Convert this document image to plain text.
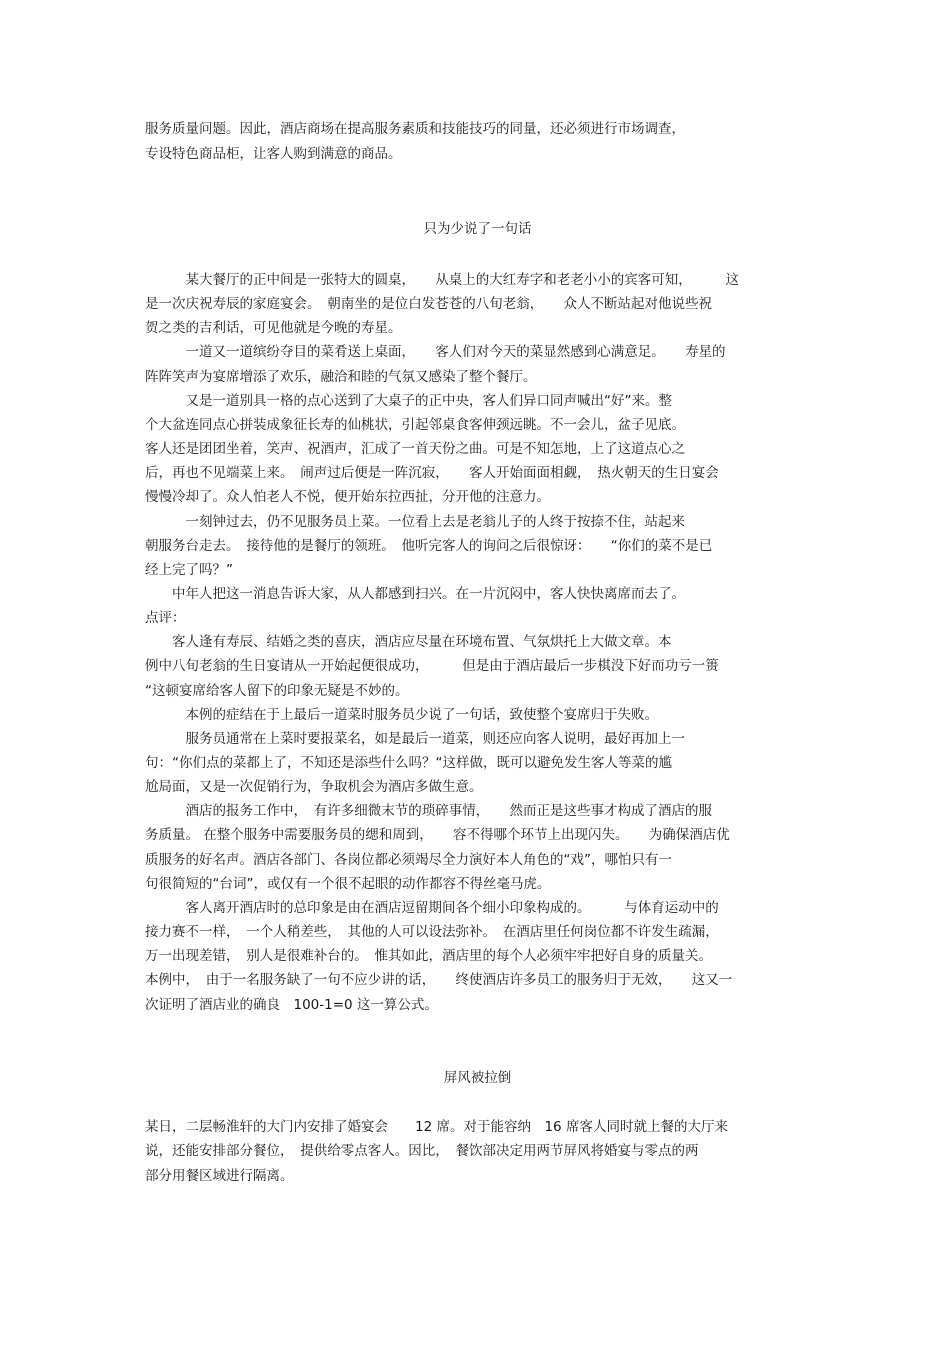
服务质量问题。因此，酒店商场在提高服务素质和技能技巧的同量，还必须进行市场调查，
专设特色商品柜，让客人购到满意的商品。
只为少说了一句话
　　　某大餐厅的正中间是一张特大的圆桌，　　从桌上的大红寿字和老老小小的宾客可知，　　　这
是一次庆祝寿辰的家庭宴会。　朝南坐的是位白发苍苍的八旬老翁，　　众人不断站起对他说些祝
贺之类的吉利话，可见他就是今晚的寿星。
　　　一道又一道缤纷夺目的菜肴送上桌面，　　客人们对今天的菜显然感到心满意足。　　寿星的
阵阵笑声为宴席增添了欢乐，融洽和睦的气氛又感染了整个餐厅。
　　　又是一道别具一格的点心送到了大桌子的正中央，客人们异口同声喊出“好”来。整
个大盆连同点心拼装成象征长寿的仙桃状，引起邻桌食客伸颈远眺。不一会儿，盆子见底。
客人还是团团坐着，笑声、祝酒声，汇成了一首天份之曲。可是不知怎地，上了这道点心之
后，再也不见端菜上来。　闹声过后便是一阵沉寂，　　客人开始面面相觑，　热火朝天的生日宴会
慢慢冷却了。众人怕老人不悦，便开始东拉西扯，分开他的注意力。
　　　一刻钟过去，仍不见服务员上菜。一位看上去是老翁儿子的人终于按捺不住，站起来
朝服务台走去。　接待他的是餐厅的领班。　他听完客人的询问之后很惊讶：　　“你们的菜不是已
经上完了吗？”
　　中年人把这一消息告诉大家，从人都感到扫兴。在一片沉闷中，客人快快离席而去了。
点评：
　　客人逢有寿辰、结婚之类的喜庆，酒店应尽量在环境布置、气氛烘托上大做文章。本
例中八旬老翁的生日宴请从一开始起便很成功，　　　但是由于酒店最后一步棋没下好而功亏一篑
“这顿宴席给客人留下的印象无疑是不妙的。
　　　本例的症结在于上最后一道菜时服务员少说了一句话，致使整个宴席归于失败。
　　　服务员通常在上菜时要报菜名，如是最后一道菜，则还应向客人说明，最好再加上一
句：“你们点的菜都上了，不知还是添些什么吗？“这样做，既可以避免发生客人等菜的尴
尬局面，又是一次促销行为，争取机会为酒店多做生意。
　　　酒店的报务工作中，　有许多细微末节的琐碎事情，　　然而正是这些事才构成了酒店的服
务质量。 在整个服务中需要服务员的缌和周到，　　容不得哪个环节上出现闪失。　　为确保酒店优
质服务的好名声。酒店各部门、各岗位都必须竭尽全力演好本人角色的“戏”，哪怕只有一
句很简短的“台词”，或仅有一个很不起眼的动作都容不得丝毫马虎。
　　　客人离开酒店时的总印象是由在酒店逗留期间各个细小印象构成的。　　　与体育运动中的
接力赛不一样，　一个人稍差些，　其他的人可以设法弥补。　在酒店里任何岗位都不许发生疏漏，
万一出现差错，　别人是很难补台的。　惟其如此，酒店里的每个人必须牢牢把好自身的质量关。
本例中，　由于一名服务缺了一句不应少讲的话，　　终使酒店许多员工的服务归于无效，　　这又一
次证明了酒店业的确良　100-1=0 这一算公式。
屏风被拉倒
某日，二层畅淮轩的大门内安排了婚宴会　　12 席。对于能容纳　16 席客人同时就上餐的大厅来
说，还能安排部分餐位，　提供给零点客人。因比，　餐饮部决定用两节屏风将婚宴与零点的两
部分用餐区域进行隔离。
